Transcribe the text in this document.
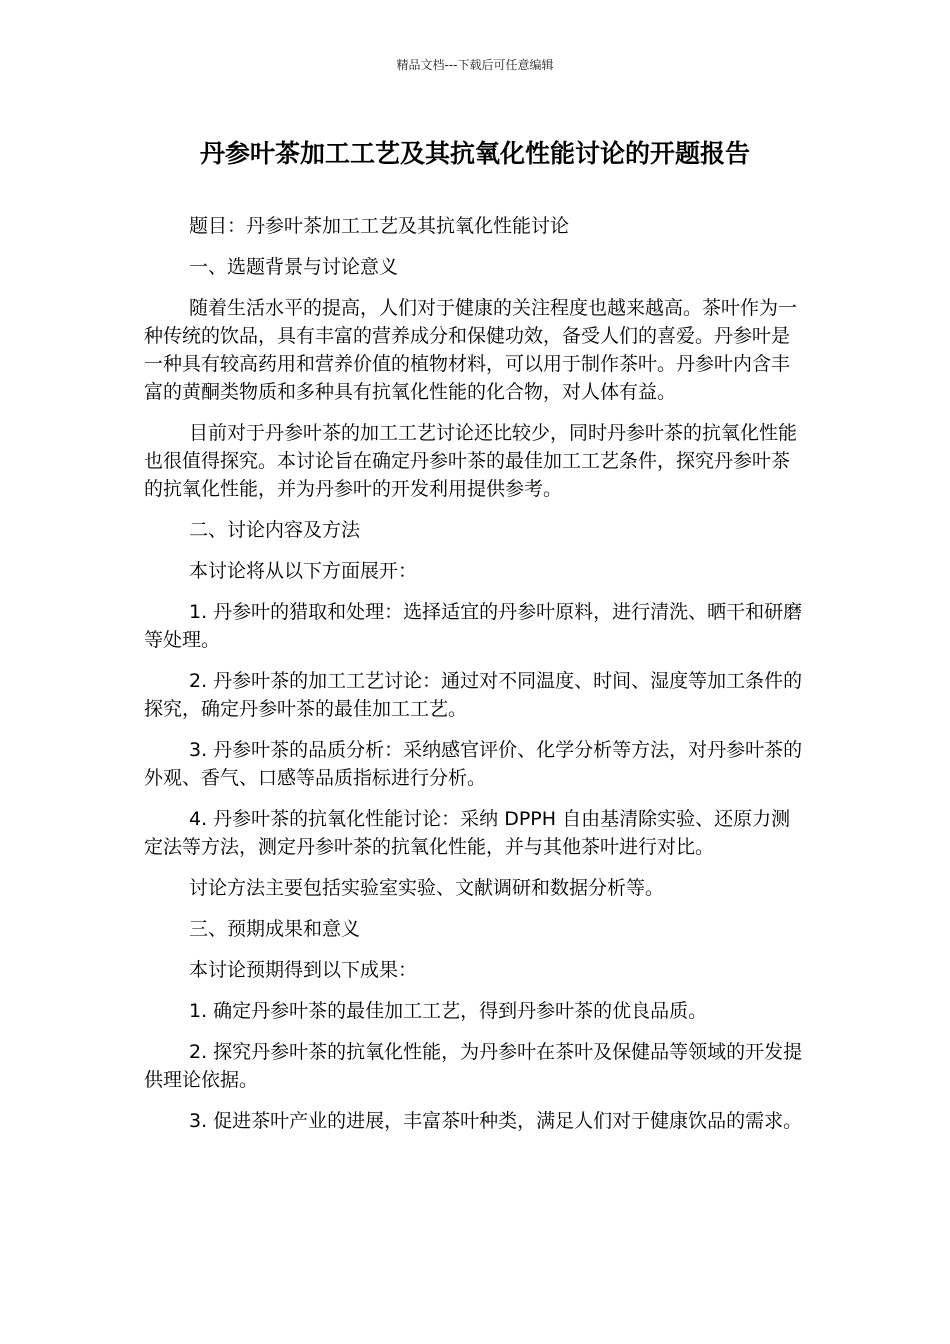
精品文档---下载后可任意编辑
丹参叶茶加工工艺及其抗氧化性能讨论的开题报告

题目：丹参叶茶加工工艺及其抗氧化性能讨论

一、选题背景与讨论意义

随着生活水平的提高，人们对于健康的关注程度也越来越高。茶叶作为一种传统的饮品，具有丰富的营养成分和保健功效，备受人们的喜爱。丹参叶是一种具有较高药用和营养价值的植物材料，可以用于制作茶叶。丹参叶内含丰富的黄酮类物质和多种具有抗氧化性能的化合物，对人体有益。

目前对于丹参叶茶的加工工艺讨论还比较少，同时丹参叶茶的抗氧化性能也很值得探究。本讨论旨在确定丹参叶茶的最佳加工工艺条件，探究丹参叶茶的抗氧化性能，并为丹参叶的开发利用提供参考。

二、讨论内容及方法

本讨论将从以下方面展开：

1. 丹参叶的猎取和处理：选择适宜的丹参叶原料，进行清洗、晒干和研磨等处理。

2. 丹参叶茶的加工工艺讨论：通过对不同温度、时间、湿度等加工条件的探究，确定丹参叶茶的最佳加工工艺。

3. 丹参叶茶的品质分析：采纳感官评价、化学分析等方法，对丹参叶茶的外观、香气、口感等品质指标进行分析。

4. 丹参叶茶的抗氧化性能讨论：采纳 DPPH 自由基清除实验、还原力测定法等方法，测定丹参叶茶的抗氧化性能，并与其他茶叶进行对比。

讨论方法主要包括实验室实验、文献调研和数据分析等。

三、预期成果和意义

本讨论预期得到以下成果：

1. 确定丹参叶茶的最佳加工工艺，得到丹参叶茶的优良品质。

2. 探究丹参叶茶的抗氧化性能，为丹参叶在茶叶及保健品等领域的开发提供理论依据。

3. 促进茶叶产业的进展，丰富茶叶种类，满足人们对于健康饮品的需求。
